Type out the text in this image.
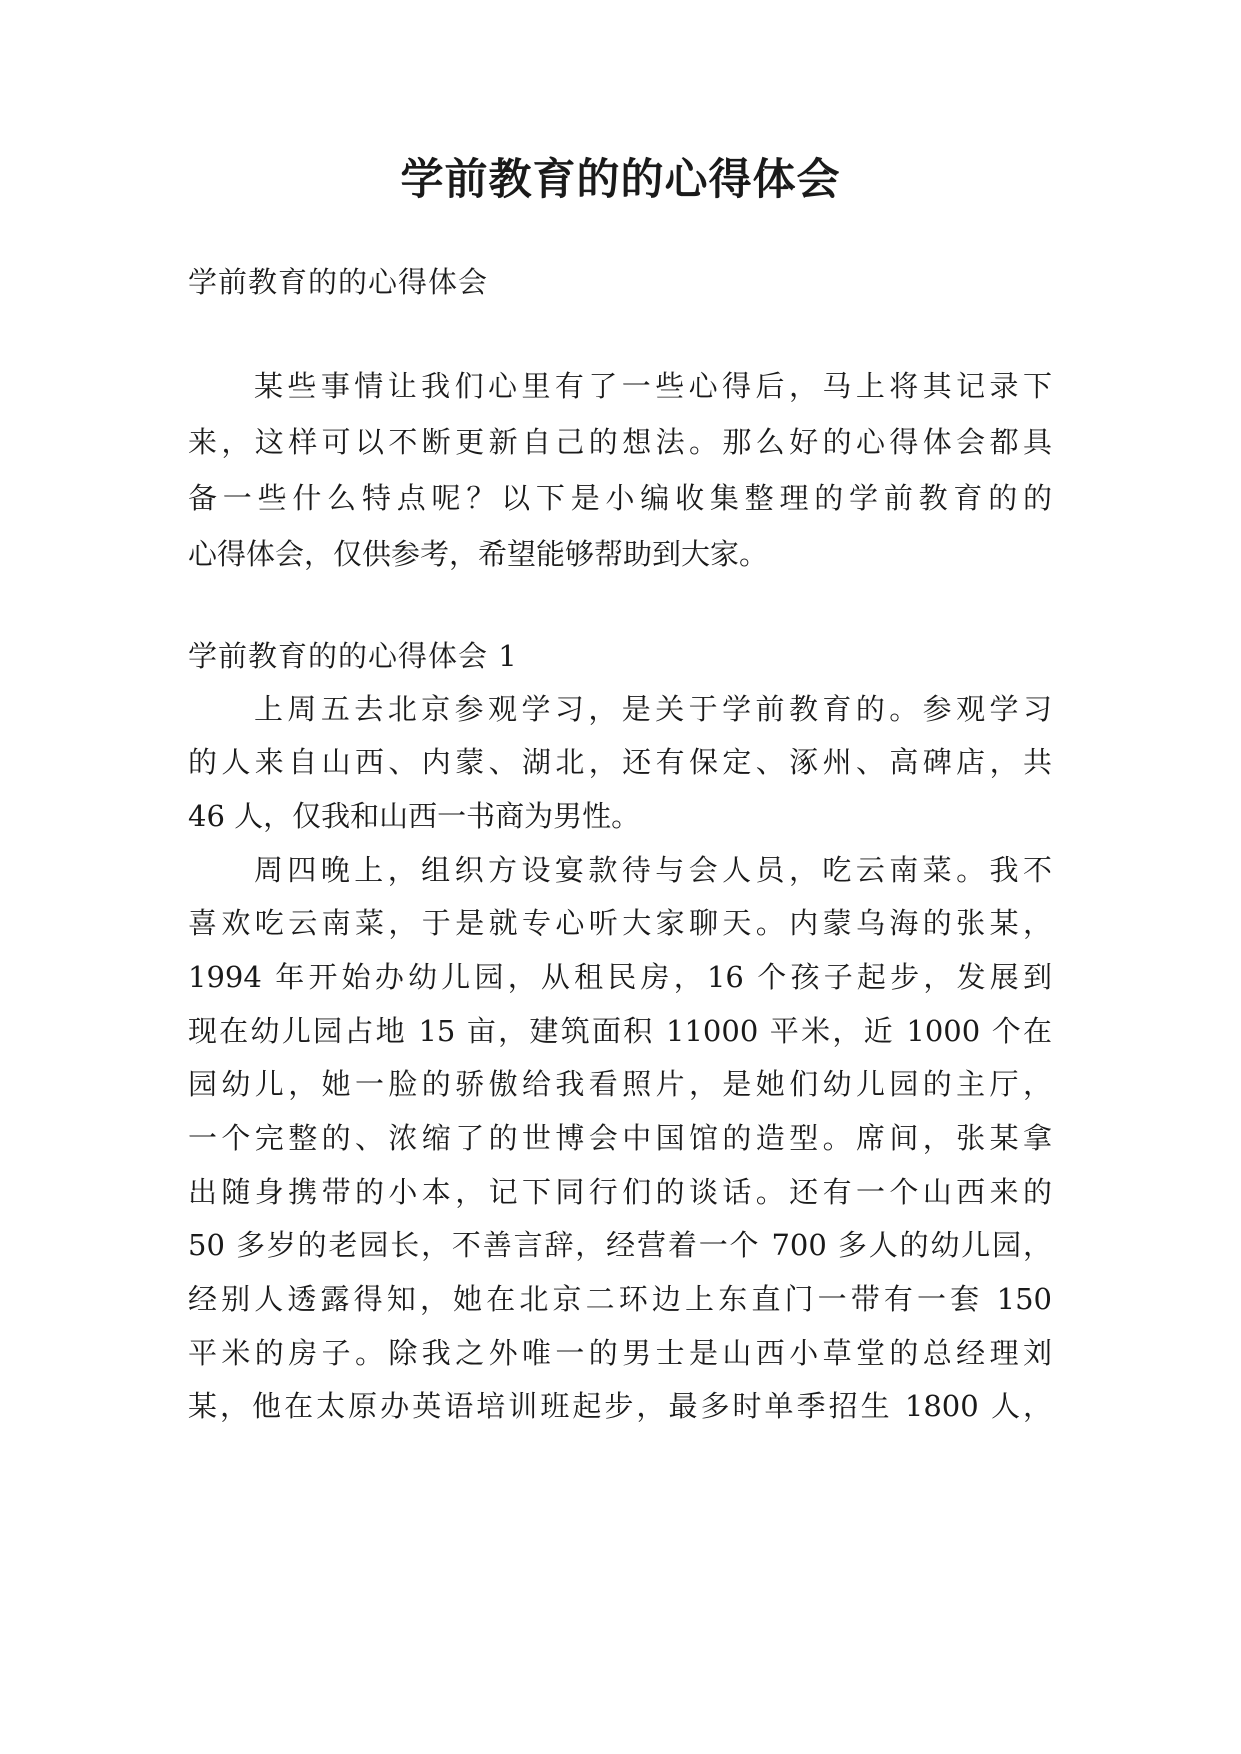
学前教育的的心得体会
学前教育的的心得体会
某些事情让我们心里有了一些心得后，马上将其记录下
来，这样可以不断更新自己的想法。那么好的心得体会都具
备一些什么特点呢？以下是小编收集整理的学前教育的的
心得体会，仅供参考，希望能够帮助到大家。
学前教育的的心得体会 1
上周五去北京参观学习，是关于学前教育的。参观学习
的人来自山西、内蒙、湖北，还有保定、涿州、高碑店，共
46 人，仅我和山西一书商为男性。
周四晚上，组织方设宴款待与会人员，吃云南菜。我不
喜欢吃云南菜，于是就专心听大家聊天。内蒙乌海的张某，
1994 年开始办幼儿园，从租民房，16 个孩子起步，发展到
现在幼儿园占地 15 亩，建筑面积 11000 平米，近 1000 个在
园幼儿，她一脸的骄傲给我看照片，是她们幼儿园的主厅，
一个完整的、浓缩了的世博会中国馆的造型。席间，张某拿
出随身携带的小本，记下同行们的谈话。还有一个山西来的
50 多岁的老园长，不善言辞，经营着一个 700 多人的幼儿园，
经别人透露得知，她在北京二环边上东直门一带有一套 150
平米的房子。除我之外唯一的男士是山西小草堂的总经理刘
某，他在太原办英语培训班起步，最多时单季招生 1800 人，
